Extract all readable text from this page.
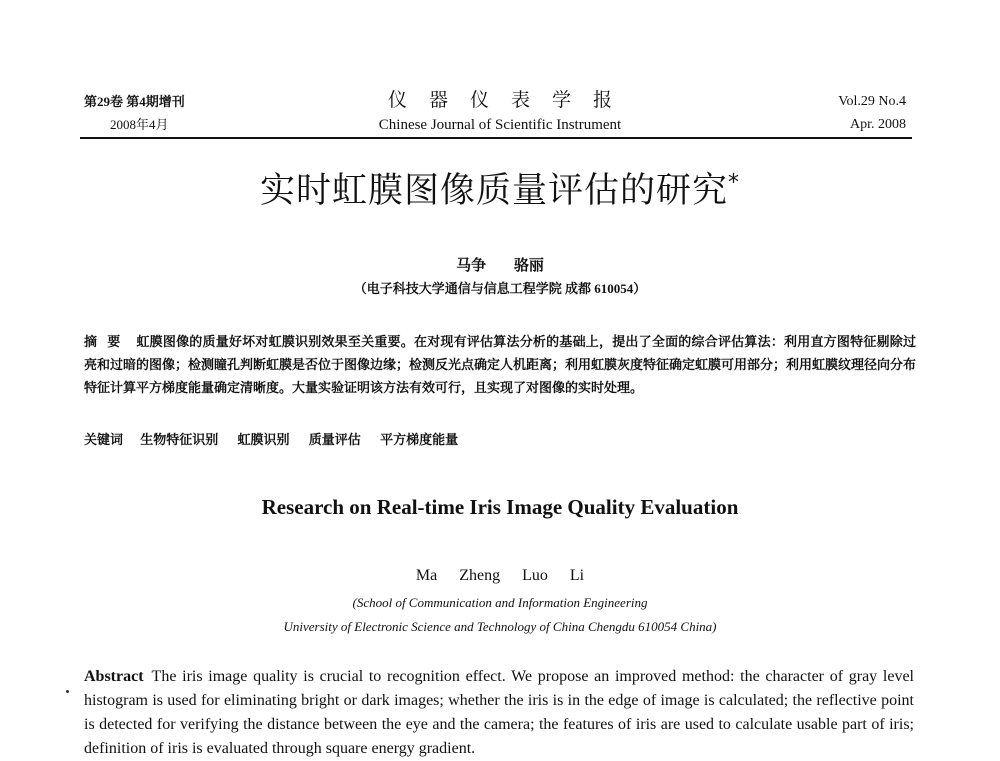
第29卷 第4期增刊
2008年4月
仪器仪表学报
Chinese Journal of Scientific Instrument
Vol.29 No.4
Apr. 2008
实时虹膜图像质量评估的研究*
马争 骆丽
（电子科技大学通信与信息工程学院 成都 610054）
摘要 虹膜图像的质量好坏对虹膜识别效果至关重要。在对现有评估算法分析的基础上，提出了全面的综合评估算法：利用直方图特征剔除过亮和过暗的图像；检测瞳孔判断虹膜是否位于图像边缘；检测反光点确定人机距离；利用虹膜灰度特征确定虹膜可用部分；利用虹膜纹理径向分布特征计算平方梯度能量确定清晰度。大量实验证明该方法有效可行，且实现了对图像的实时处理。
关键词 生物特征识别 虹膜识别 质量评估 平方梯度能量
Research on Real-time Iris Image Quality Evaluation
Ma Zheng Luo Li
(School of Communication and Information Engineering
University of Electronic Science and Technology of China Chengdu 610054 China)
Abstract The iris image quality is crucial to recognition effect. We propose an improved method: the character of gray level histogram is used for eliminating bright or dark images; whether the iris is in the edge of image is calculated; the reflective point is detected for verifying the distance between the eye and the camera; the features of iris are used to calculate usable part of iris; definition of iris is evaluated through square energy gradient.
